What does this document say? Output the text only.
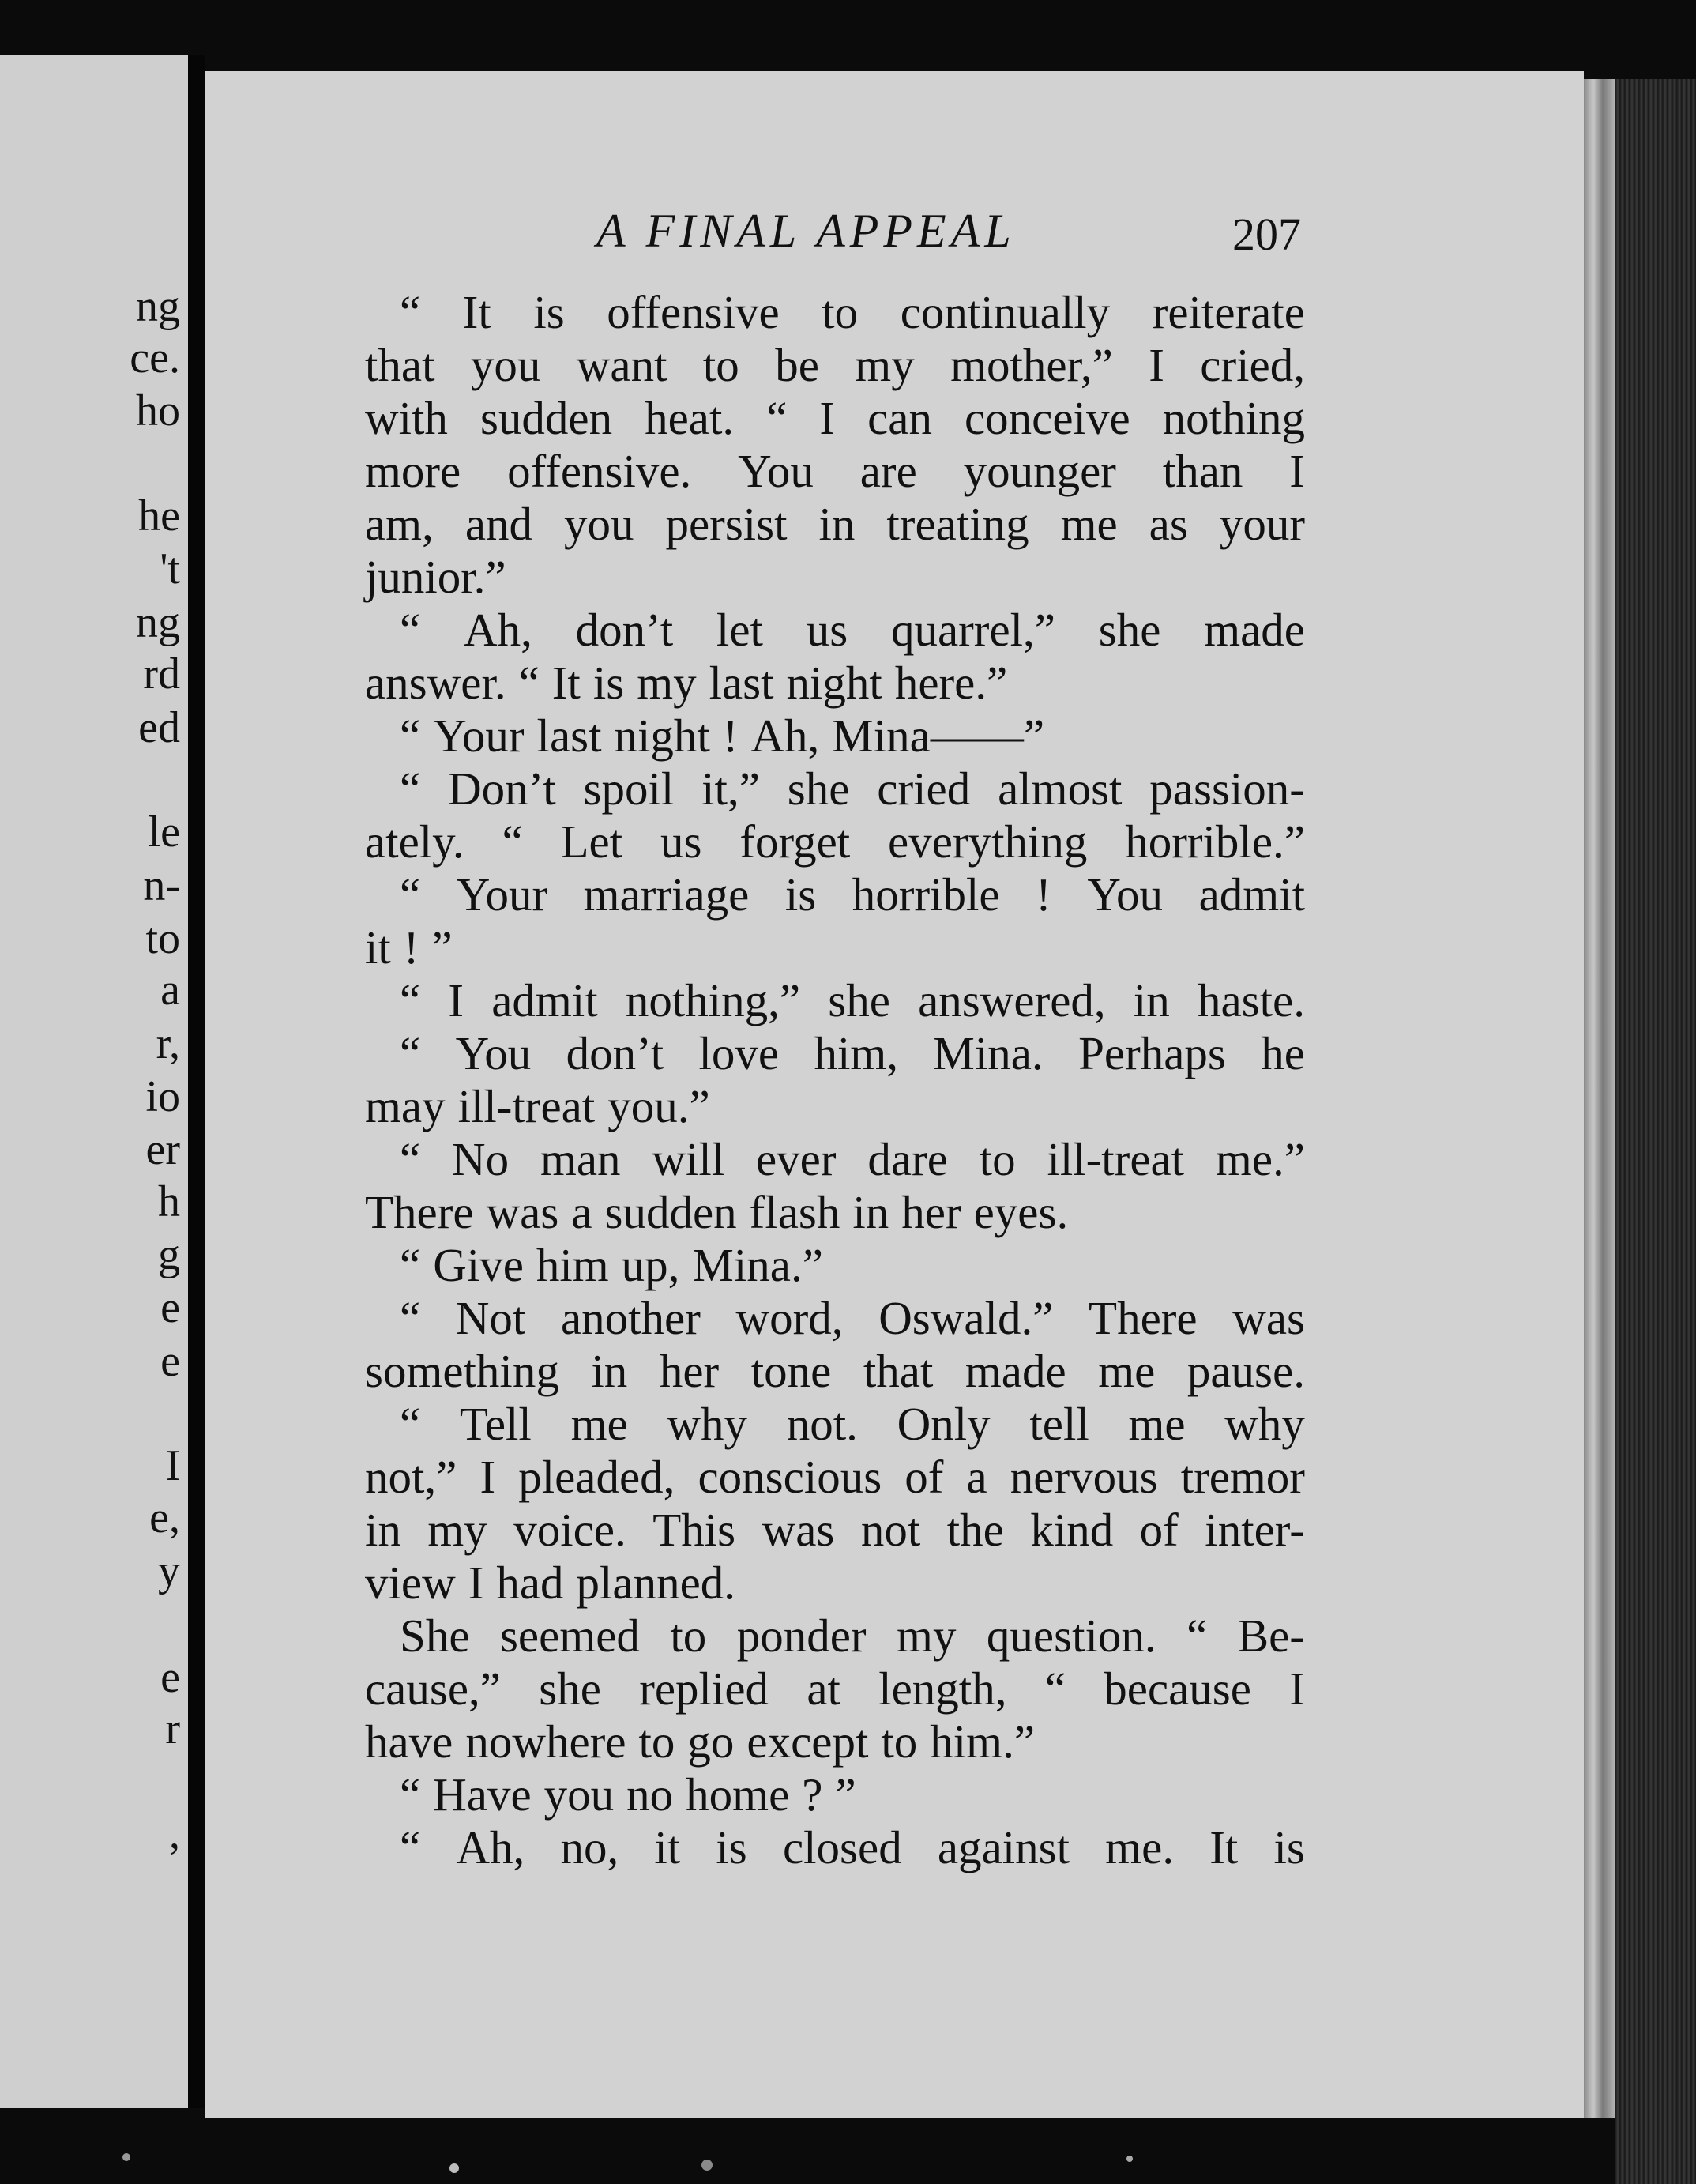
ng
ce.
ho
he
't
ng
rd
ed
le
n-
to
a
r,
io
er
h
g
e
e
I
e,
y
e
r
,
A FINAL APPEAL	207
“ It is offensive to continually reiterate
that you want to be my mother,” I cried,
with sudden heat. “ I can conceive nothing
more offensive. You are younger than I
am, and you persist in treating me as your
junior.”
“ Ah, don’t let us quarrel,” she made
answer. “ It is my last night here.”
“ Your last night ! Ah, Mina——”
“ Don’t spoil it,” she cried almost passion-
ately. “ Let us forget everything horrible.”
“ Your marriage is horrible ! You admit
it ! ”
“ I admit nothing,” she answered, in haste.
“ You don’t love him, Mina. Perhaps he
may ill-treat you.”
“ No man will ever dare to ill-treat me.”
There was a sudden flash in her eyes.
“ Give him up, Mina.”
“ Not another word, Oswald.” There was
something in her tone that made me pause.
“ Tell me why not. Only tell me why
not,” I pleaded, conscious of a nervous tremor
in my voice. This was not the kind of inter-
view I had planned.
She seemed to ponder my question. “ Be-
cause,” she replied at length, “ because I
have nowhere to go except to him.”
“ Have you no home ? ”
“ Ah, no, it is closed against me. It is
